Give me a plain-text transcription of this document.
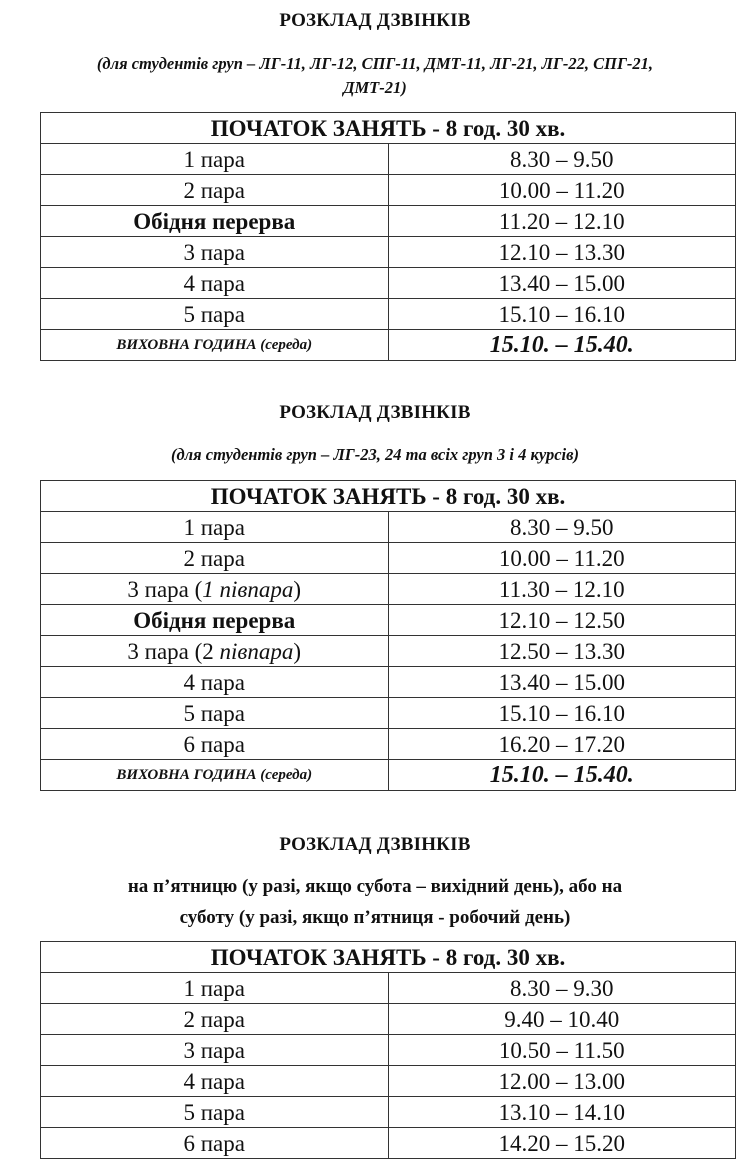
РОЗКЛАД ДЗВІНКІВ
(для студентів груп – ЛГ-11, ЛГ-12, СПГ-11, ДМТ-11, ЛГ-21, ЛГ-22, СПГ-21,
ДМТ-21)
ПОЧАТОК ЗАНЯТЬ - 8 год. 30 хв.	
1 пара	8.30 – 9.50
2 пара	10.00 – 11.20
Обідня перерва	11.20 – 12.10
3 пара	12.10 – 13.30
4 пара	13.40 – 15.00
5 пара	15.10 – 16.10
ВИХОВНА ГОДИНА (середа)	15.10. – 15.40.
РОЗКЛАД ДЗВІНКІВ
(для студентів груп – ЛГ-23, 24 та всіх груп 3 і 4 курсів)
ПОЧАТОК ЗАНЯТЬ - 8 год. 30 хв.	
1 пара	8.30 – 9.50
2 пара	10.00 – 11.20
3 пара (1 півпара)	11.30 – 12.10
Обідня перерва	12.10 – 12.50
3 пара (2 півпара)	12.50 – 13.30
4 пара	13.40 – 15.00
5 пара	15.10 – 16.10
6 пара	16.20 – 17.20
ВИХОВНА ГОДИНА (середа)	15.10. – 15.40.
РОЗКЛАД ДЗВІНКІВ
на п’ятницю (у разі, якщо субота – вихідний день), або на
суботу (у разі, якщо п’ятниця - робочий день)
ПОЧАТОК ЗАНЯТЬ - 8 год. 30 хв.	
1 пара	8.30 – 9.30
2 пара	9.40 – 10.40
3 пара	10.50 – 11.50
4 пара	12.00 – 13.00
5 пара	13.10 – 14.10
6 пара	14.20 – 15.20
